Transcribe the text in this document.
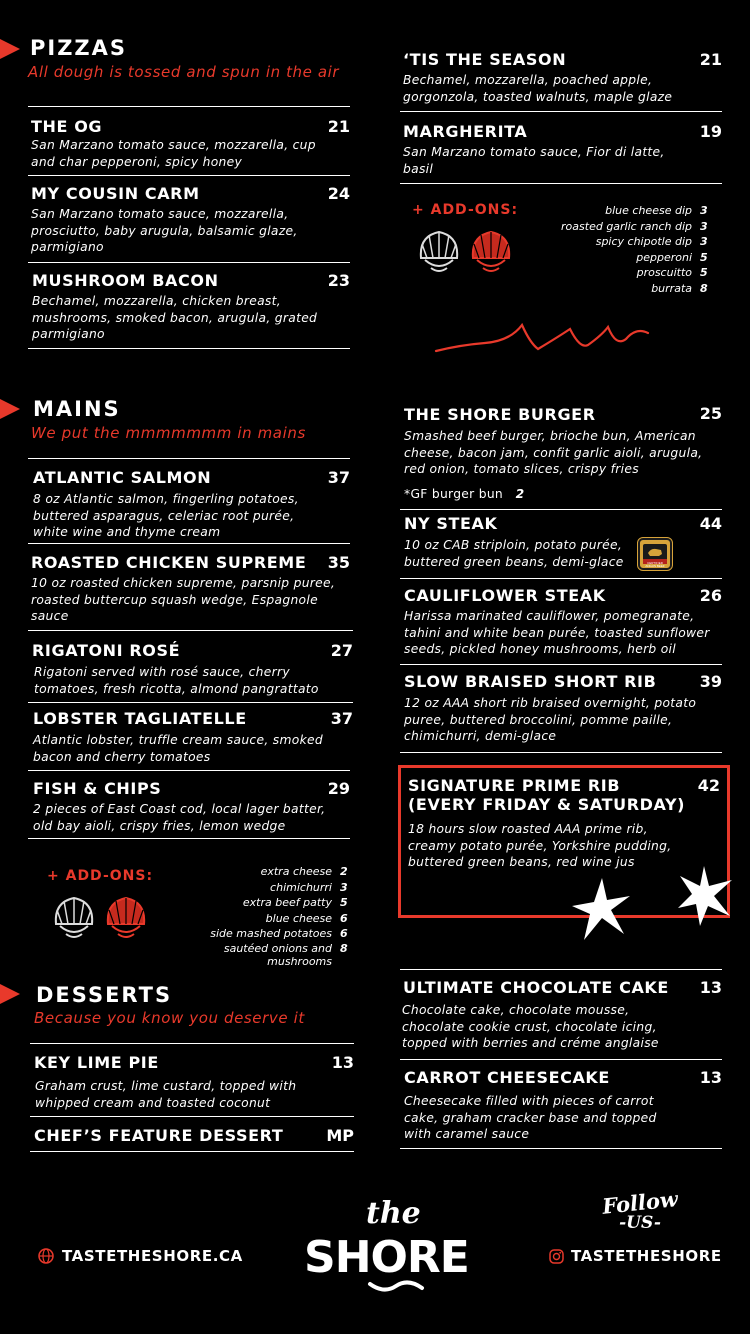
PIZZAS
All dough is tossed and spun in the air
THE OG	21
San Marzano tomato sauce, mozzarella, cup and char pepperoni, spicy honey
MY COUSIN CARM	24
San Marzano tomato sauce, mozzarella, prosciutto, baby arugula, balsamic glaze, parmigiano
MUSHROOM BACON	23
Bechamel, mozzarella, chicken breast, mushrooms, smoked bacon, arugula, grated parmigiano
‘TIS THE SEASON	21
Bechamel, mozzarella, poached apple, gorgonzola, toasted walnuts, maple glaze
MARGHERITA	19
San Marzano tomato sauce, Fior di latte, basil
+ ADD-ONS:	blue cheese dip 3
roasted garlic ranch dip 3
spicy chipotle dip 3
pepperoni 5
proscuitto 5
burrata 8
MAINS
We put the mmmmmmm in mains
ATLANTIC SALMON	37
8 oz Atlantic salmon, fingerling potatoes, buttered asparagus, celeriac root purée, white wine and thyme cream
ROASTED CHICKEN SUPREME 35
10 oz roasted chicken supreme, parsnip puree, roasted buttercup squash wedge, Espagnole sauce
RIGATONI ROSÉ	27
Rigatoni served with rosé sauce, cherry tomatoes, fresh ricotta, almond pangrattato
LOBSTER TAGLIATELLE	37
Atlantic lobster, truffle cream sauce, smoked bacon and cherry tomatoes
FISH & CHIPS	29
2 pieces of East Coast cod, local lager batter, old bay aioli, crispy fries, lemon wedge
THE SHORE BURGER	25
Smashed beef burger, brioche bun, American cheese, bacon jam, confit garlic aioli, arugula, red onion, tomato slices, crispy fries
*GF burger bun 2
NY STEAK	44
10 oz CAB striploin, potato purée, buttered green beans, demi-glace	CERTIFIED ANGUS BEEF
CAULIFLOWER STEAK	26
Harissa marinated cauliflower, pomegranate, tahini and white bean purée, toasted sunflower seeds, pickled honey mushrooms, herb oil
SLOW BRAISED SHORT RIB	39
12 oz AAA short rib braised overnight, potato puree, buttered broccolini, pomme paille, chimichurri, demi-glace
SIGNATURE PRIME RIB
(EVERY FRIDAY & SATURDAY)
42
18 hours slow roasted AAA prime rib, creamy potato purée, Yorkshire pudding, buttered green beans, red wine jus
+ ADD-ONS:	extra cheese 2
chimichurri 3
extra beef patty 5
blue cheese 6
side mashed potatoes 6
sautéed onions and 8
mushrooms
DESSERTS
Because you know you deserve it
KEY LIME PIE	13
Graham crust, lime custard, topped with whipped cream and toasted coconut
CHEF’S FEATURE DESSERT	MP
ULTIMATE CHOCOLATE CAKE 13
Chocolate cake, chocolate mousse, chocolate cookie crust, chocolate icing, topped with berries and créme anglaise
CARROT CHEESECAKE	13
Cheesecake filled with pieces of carrot cake, graham cracker base and topped with caramel sauce
TASTETHESHORE.CA
the
SHORE
Follow
-US-
TASTETHESHORE
